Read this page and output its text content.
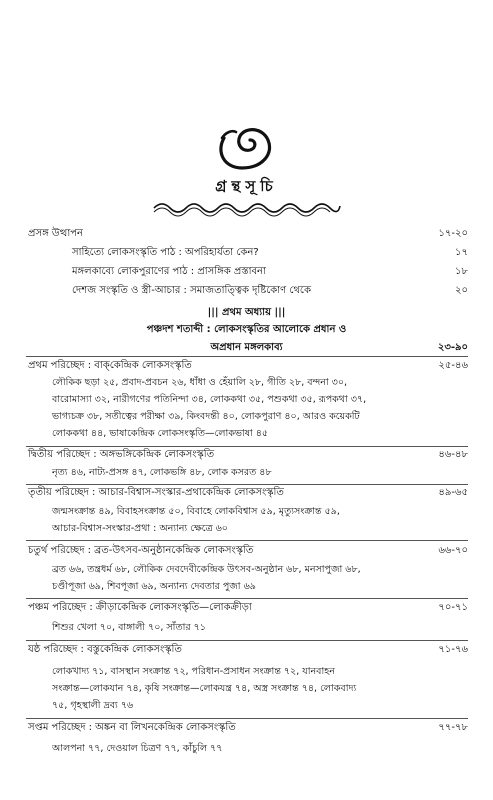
গ্রন্থসূচি
প্রসঙ্গ উত্থাপন	১৭-২০
সাহিত্যে লোকসংস্কৃতি পাঠ : অপরিহার্যতা কেন?	১৭
মঙ্গলকাব্যে লোকপুরাণের পাঠ : প্রাসঙ্গিক প্রস্তাবনা	১৮
দেশজ সংস্কৃতি ও স্ত্রী-আচার : সমাজতাত্ত্বিক দৃষ্টিকোণ থেকে	২০
||| প্রথম অধ্যায় |||
পঞ্চদশ শতাব্দী : লোকসংস্কৃতির আলোকে প্রধান ও
অপ্রধান মঙ্গলকাব্য	২৩-৯০
প্রথম পরিচ্ছেদ : বাক্‌কেন্দ্রিক লোকসংস্কৃতি	২৫-৪৬
লৌকিক ছড়া ২৫, প্রবাদ-প্রবচন ২৬, ধাঁধা ও হেঁয়ালি ২৮, গীতি ২৮, বন্দনা ৩০,
বারোমাস্যা ৩২, নারীগণের পতিনিন্দা ৩৪, লোককথা ৩৫, পশুকথা ৩৫, রূপকথা ৩৭,
ভাগ্যচক্র ৩৮, সতীত্বের পরীক্ষা ৩৯, কিংবদন্তী ৪০, লোকপুরাণ ৪০, আরও কয়েকটি
লোককথা ৪৪, ভাষাকেন্দ্রিক লোকসংস্কৃতি—লোকভাষা ৪৫
দ্বিতীয় পরিচ্ছেদ : অঙ্গভঙ্গিকেন্দ্রিক লোকসংস্কৃতি	৪৬-৪৮
নৃত্য ৪৬, নাট্য-প্রসঙ্গ ৪৭, লোকভঙ্গি ৪৮, লোক কসরত ৪৮
তৃতীয় পরিচ্ছেদ : আচার-বিশ্বাস-সংস্কার-প্রথাকেন্দ্রিক লোকসংস্কৃতি	৪৯-৬৫
জন্মসংক্রান্ত ৪৯, বিবাহসংক্রান্ত ৫০, বিবাহে লোকবিশ্বাস ৫৯, মৃত্যুসংক্রান্ত ৫৯,
আচার-বিশ্বাস-সংস্কার-প্রথা : অন্যান্য ক্ষেত্রে ৬০
চতুর্থ পরিচ্ছেদ : ব্রত-উৎসব-অনুষ্ঠানকেন্দ্রিক লোকসংস্কৃতি	৬৬-৭০
ব্রত ৬৬, তন্ত্রধর্ম ৬৮, লৌকিক দেবদেবীকেন্দ্রিক উৎসব-অনুষ্ঠান ৬৮, মনসাপুজা ৬৮,
চণ্ডীপূজা ৬৯, শিবপূজা ৬৯, অন্যান্য দেবতার পুজা ৬৯
পঞ্চম পরিচ্ছেদ : ক্রীড়াকেন্দ্রিক লোকসংস্কৃতি—লোকক্রীড়া	৭০-৭১
শিশুর খেলা ৭০, বাঙ্গালী ৭০, সাঁতার ৭১
যষ্ঠ পরিচ্ছেদ : বস্তুকেন্দ্রিক লোকসংস্কৃতি	৭১-৭৬
লোকখাদ্য ৭১, বাসস্থান সংক্রান্ত ৭২, পরিধান-প্রসাধন সংক্রান্ত ৭২, যানবাহন
সংক্রান্ত—লোকযান ৭৪, কৃষি সংক্রান্ত—লোকযন্ত্র ৭৪, অস্ত্র সংক্রান্ত ৭৪, লোকবাদ্য
৭৫, গৃহস্থালী দ্রব্য ৭৬
সপ্তম পরিচ্ছেদ : অঙ্কন বা লিখনকেন্দ্রিক লোকসংস্কৃতি	৭৭-৭৮
আলপনা ৭৭, দেওয়াল চিত্রণ ৭৭, কাঁচুলি ৭৭
